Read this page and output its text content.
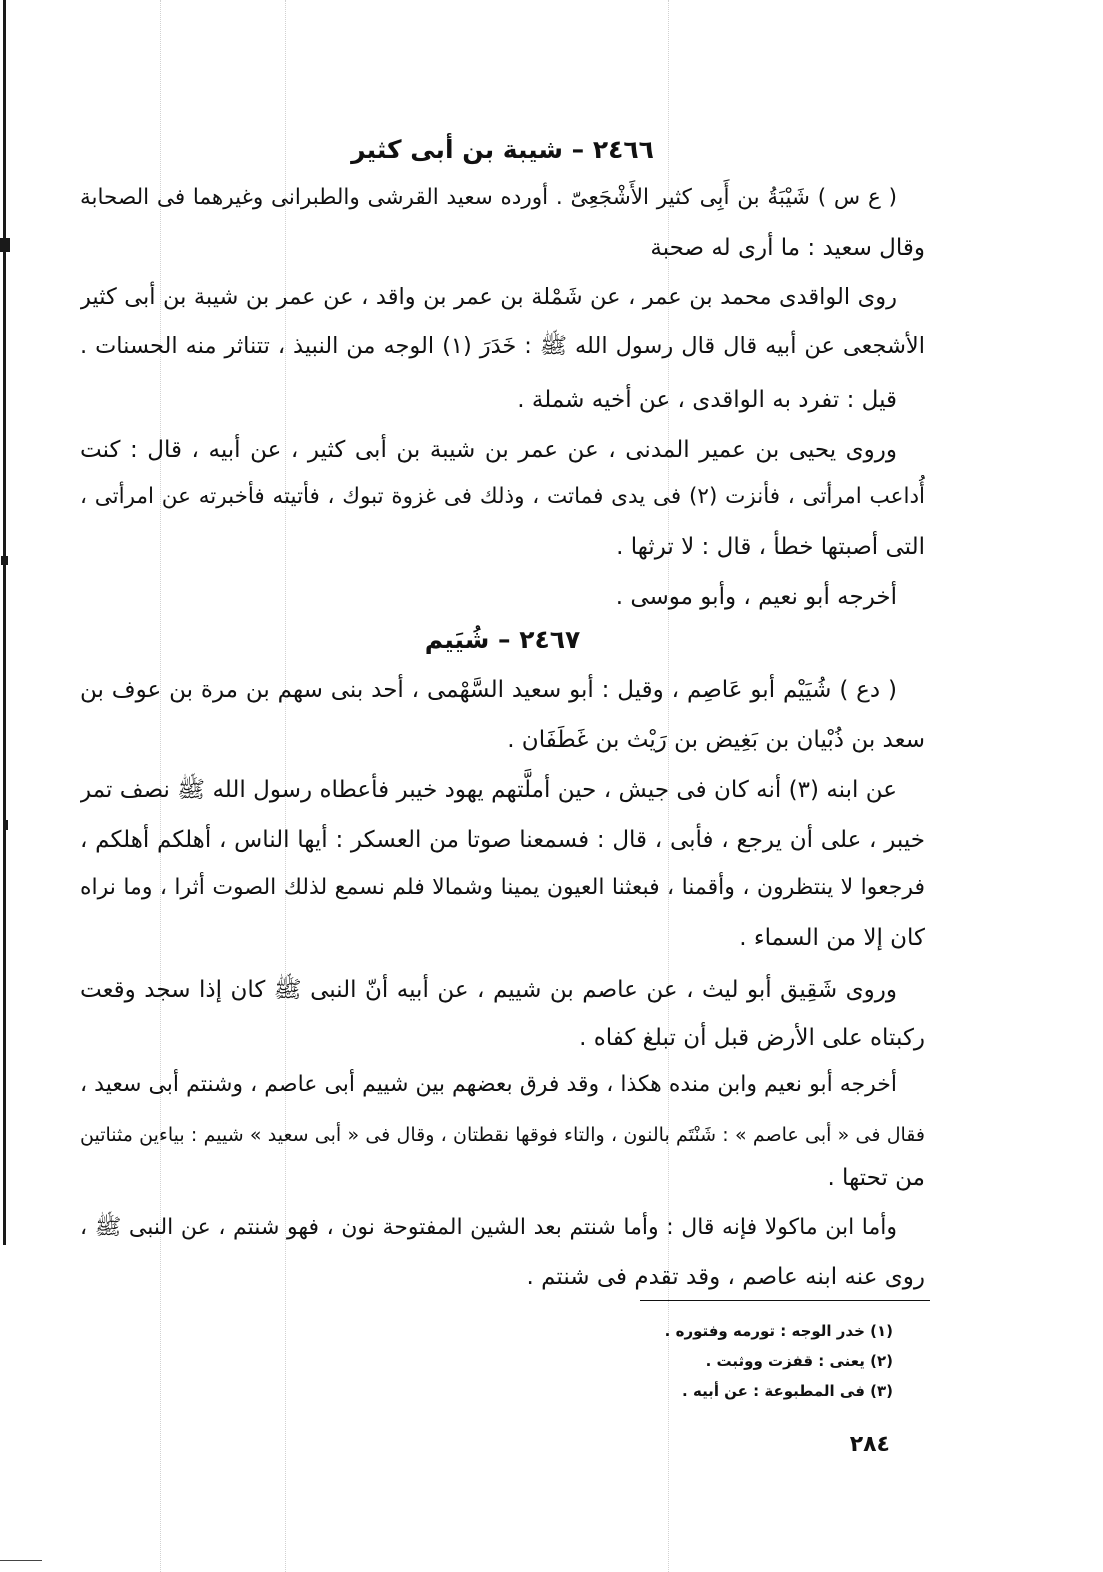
٢٤٦٦ – شيبة بن أبى كثير
( ع س ) شَيْبَةُ بن أَبِى كثير الأَشْجَعِىّ . أورده سعيد القرشى والطبرانى وغيرهما فى الصحابة
وقال سعيد : ما أرى له صحبة
روى الواقدى محمد بن عمر ، عن شَمْلة بن عمر بن واقد ، عن عمر بن شيبة بن أبى كثير
الأشجعى عن أبيه قال قال رسول الله ﷺ : خَدَرَ (١) الوجه من النبيذ ، تتناثر منه الحسنات .
قيل : تفرد به الواقدى ، عن أخيه شملة .
وروى يحيى بن عمير المدنى ، عن عمر بن شيبة بن أبى كثير ، عن أبيه ، قال : كنت
أُداعب امرأتى ، فأنزت (٢) فى يدى فماتت ، وذلك فى غزوة تبوك ، فأتيته فأخبرته عن امرأتى ،
التى أصبتها خطأ ، قال : لا ترثها .
أخرجه أبو نعيم ، وأبو موسى .
٢٤٦٧ – شُيَيم
( دع ) شُيَيْم أبو عَاصِم ، وقيل : أبو سعيد السَّهْمى ، أحد بنى سهم بن مرة بن عوف بن
سعد بن ذُبْيان بن بَغِيض بن رَيْث بن غَطَفَان .
عن ابنه (٣) أنه كان فى جيش ، حين أملَّتهم يهود خيبر فأعطاه رسول الله ﷺ نصف تمر
خيبر ، على أن يرجع ، فأبى ، قال : فسمعنا صوتا من العسكر : أيها الناس ، أهلكم أهلكم ،
فرجعوا لا ينتظرون ، وأقمنا ، فبعثنا العيون يمينا وشمالا فلم نسمع لذلك الصوت أثرا ، وما نراه
كان إلا من السماء .
وروى شَقِيق أبو ليث ، عن عاصم بن شييم ، عن أبيه أنّ النبى ﷺ كان إذا سجد وقعت
ركبتاه على الأرض قبل أن تبلغ كفاه .
أخرجه أبو نعيم وابن منده هكذا ، وقد فرق بعضهم بين شييم أبى عاصم ، وشنتم أبى سعيد ،
فقال فى « أبى عاصم » : شَنْتَم بالنون ، والتاء فوقها نقطتان ، وقال فى « أبى سعيد » شييم : بياءين مثناتين
من تحتها .
وأما ابن ماكولا فإنه قال : وأما شنتم بعد الشين المفتوحة نون ، فهو شنتم ، عن النبى ﷺ ،
روى عنه ابنه عاصم ، وقد تقدم فى شنتم .
(١) خدر الوجه : تورمه وفتوره .
(٢) يعنى : قفزت ووثبت .
(٣) فى المطبوعة : عن أبيه .
٢٨٤
